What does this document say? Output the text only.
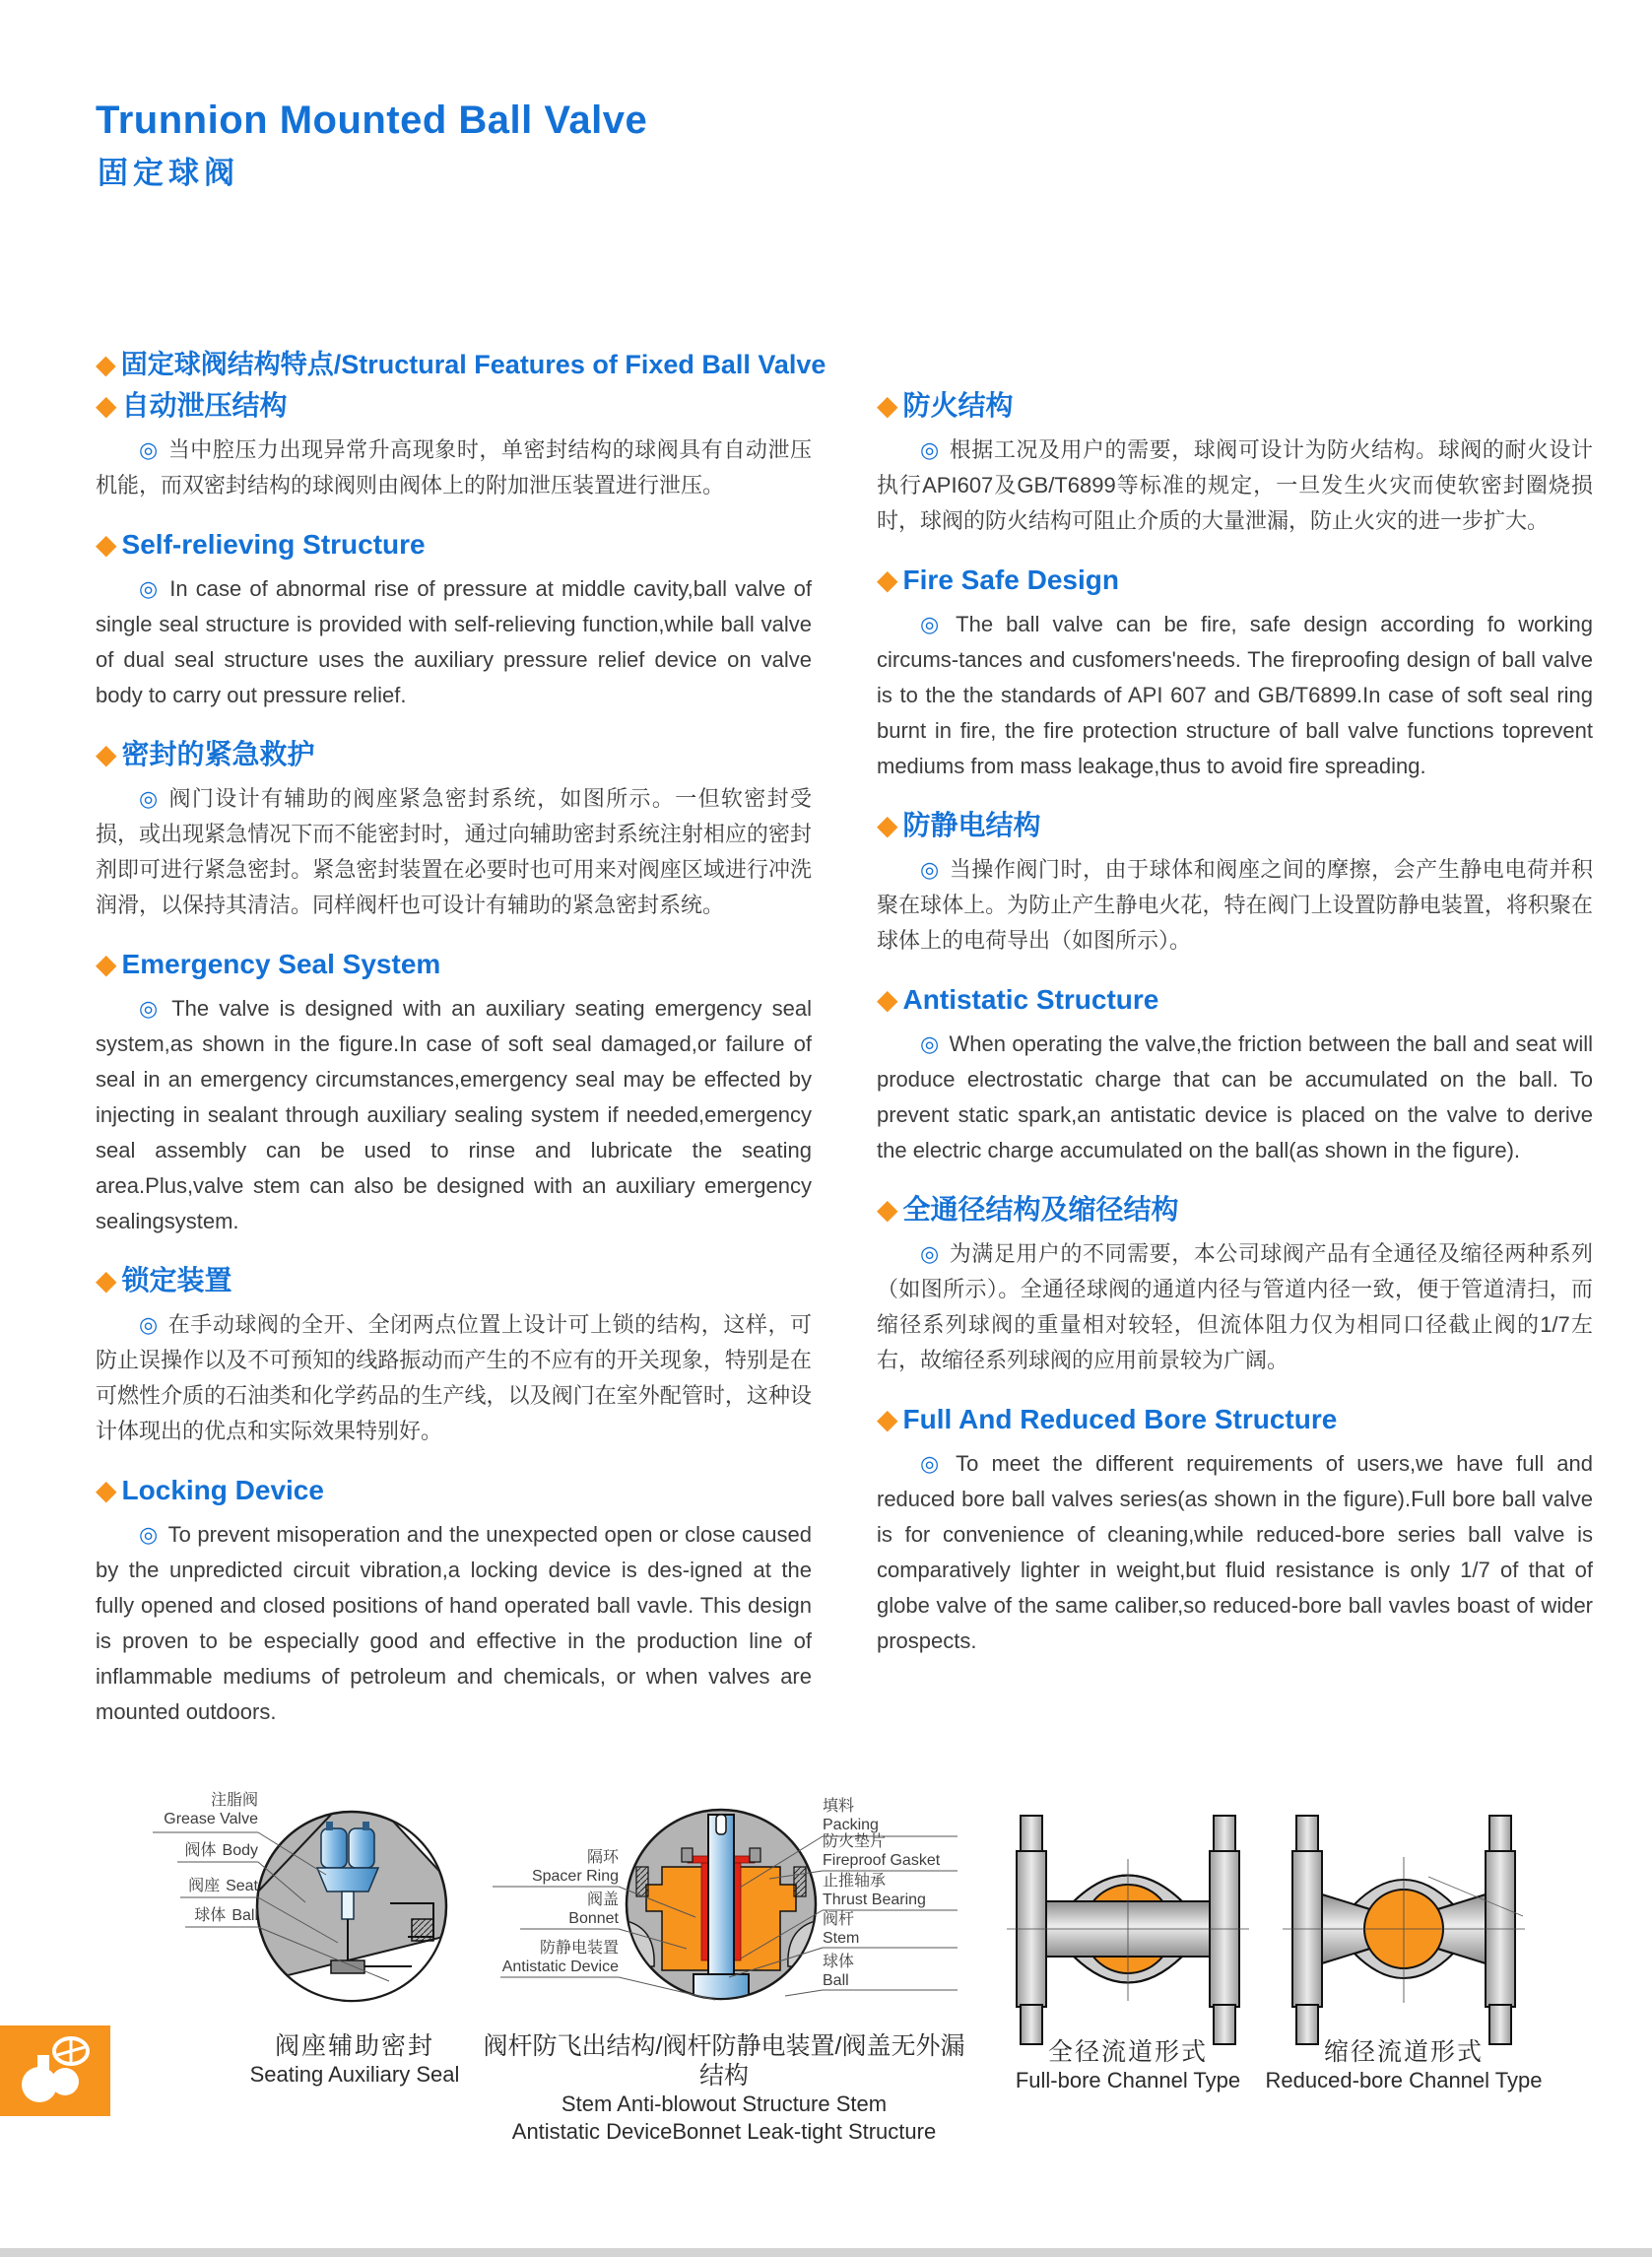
Trunnion Mounted Ball Valve
固定球阀
◆ 固定球阀结构特点/Structural Features of Fixed Ball Valve
◆ 自动泄压结构

◎ 当中腔压力出现异常升高现象时，单密封结构的球阀具有自动泄压机能，而双密封结构的球阀则由阀体上的附加泄压装置进行泄压。

◆ Self-relieving Structure

◎ In case of abnormal rise of pressure at middle cavity,ball valve of single seal structure is provided with self-relieving function,while ball valve of dual seal structure uses the auxiliary pressure relief device on valve body to carry out pressure relief.

◆ 密封的紧急救护

◎ 阀门设计有辅助的阀座紧急密封系统，如图所示。一但软密封受损，或出现紧急情况下而不能密封时，通过向辅助密封系统注射相应的密封剂即可进行紧急密封。紧急密封装置在必要时也可用来对阀座区域进行冲洗润滑，以保持其清洁。同样阀杆也可设计有辅助的紧急密封系统。

◆ Emergency Seal System

◎ The valve is designed with an auxiliary seating emergency seal system,as shown in the figure.In case of soft seal damaged,or failure of seal in an emergency circumstances,emergency seal may be effected by injecting in sealant through auxiliary sealing system if needed,emergency seal assembly can be used to rinse and lubricate the seating area.Plus,valve stem can also be designed with an auxiliary emergency sealingsystem.

◆ 锁定装置

◎ 在手动球阀的全开、全闭两点位置上设计可上锁的结构，这样，可防止误操作以及不可预知的线路振动而产生的不应有的开关现象，特别是在可燃性介质的石油类和化学药品的生产线，以及阀门在室外配管时，这种设计体现出的优点和实际效果特别好。

◆ Locking Device

◎ To prevent misoperation and the unexpected open or close caused by the unpredicted circuit vibration,a locking device is des-igned at the fully opened and closed positions of hand operated ball vavle. This design is proven to be especially good and effective in the production line of inflammable mediums of petroleum and chemicals, or when valves are mounted outdoors.

◆ 防火结构

◎ 根据工况及用户的需要，球阀可设计为防火结构。球阀的耐火设计执行API607及GB/T6899等标准的规定，一旦发生火灾而使软密封圈烧损时，球阀的防火结构可阻止介质的大量泄漏，防止火灾的进一步扩大。

◆ Fire Safe Design

◎ The ball valve can be fire, safe design according fo working circums-tances and cusfomers'needs. The fireproofing design of ball valve is to the the standards of API 607 and GB/T6899.In case of soft seal ring burnt in fire, the fire protection structure of ball valve functions toprevent mediums from mass leakage,thus to avoid fire spreading.

◆ 防静电结构

◎ 当操作阀门时，由于球体和阀座之间的摩擦，会产生静电电荷并积聚在球体上。为防止产生静电火花，特在阀门上设置防静电装置，将积聚在球体上的电荷导出（如图所示）。

◆ Antistatic Structure

◎ When operating the valve,the friction between the ball and seat will produce electrostatic charge that can be accumulated on the ball. To prevent static spark,an antistatic device is placed on the valve to derive the electric charge accumulated on the ball(as shown in the figure).

◆ 全通径结构及缩径结构

◎ 为满足用户的不同需要，本公司球阀产品有全通径及缩径两种系列（如图所示）。全通径球阀的通道内径与管道内径一致，便于管道清扫，而缩径系列球阀的重量相对较轻，但流体阻力仅为相同口径截止阀的1/7左右，故缩径系列球阀的应用前景较为广阔。

◆ Full And Reduced Bore Structure

◎ To meet the different requirements of users,we have full and reduced bore ball valves series(as shown in the figure).Full bore ball valve is for convenience of cleaning,while reduced-bore series ball valve is comparatively lighter in weight,but fluid resistance is only 1/7 of that of globe valve of the same caliber,so reduced-bore ball vavles boast of wider prospects.

注脂阀
Grease Valve
阀体 Body
阀座 Seat
球体 Ball
阀座辅助密封
Seating Auxiliary Seal
隔环
Spacer Ring
阀盖
Bonnet
防静电装置
Antistatic Device
填料
Packing
防火垫片
Fireproof Gasket
止推轴承
Thrust Bearing
阀杆
Stem
球体
Ball
阀杆防飞出结构/阀杆防静电装置/阀盖无外漏结构
Stem Anti-blowout Structure Stem
Antistatic DeviceBonnet Leak-tight Structure
全径流道形式
Full-bore Channel Type
缩径流道形式
Reduced-bore Channel Type
